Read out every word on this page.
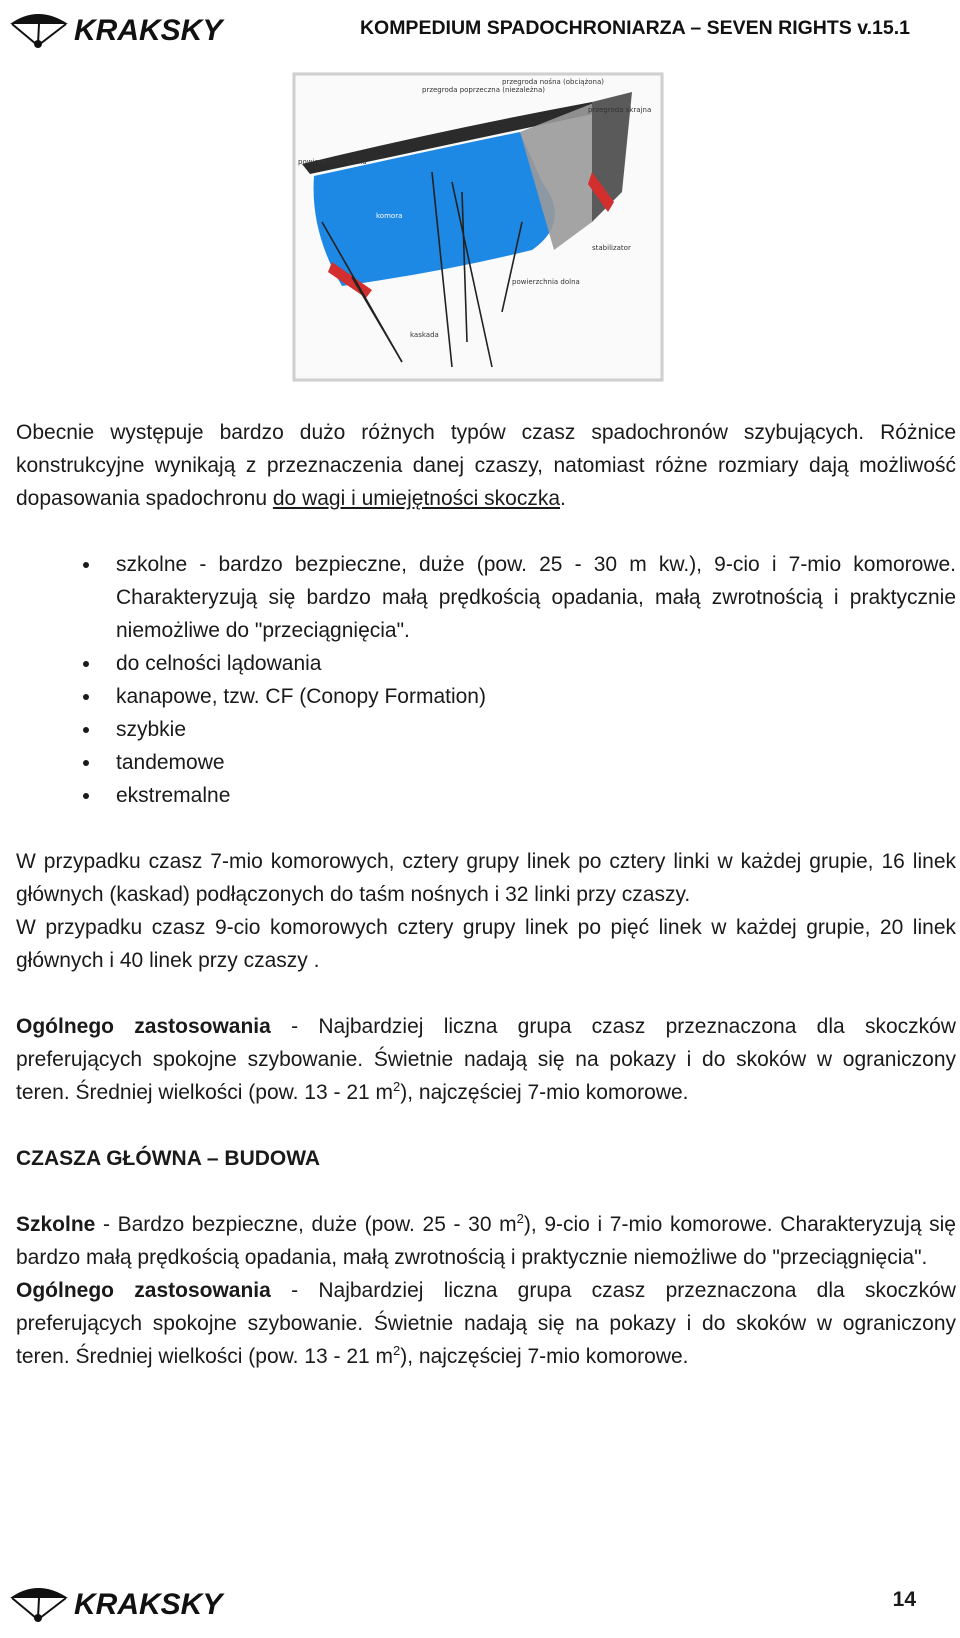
KRAKSKY	KOMPEDIUM SPADOCHRONIARZA – SEVEN RIGHTS v.15.1
przegroda poprzeczna (niezależna)
przegroda nośna (obciążona)
przegroda skrajna
powierzchnia górna
komora
stabilizator
powierzchnia dolna
kaskada

Obecnie występuje bardzo dużo różnych typów czasz spadochronów szybujących. Różnice konstrukcyjne wynikają z przeznaczenia danej czaszy, natomiast różne rozmiary dają możliwość dopasowania spadochronu do wagi i umiejętności skoczka.

szkolne - bardzo bezpieczne, duże (pow. 25 - 30 m kw.), 9-cio i 7-mio komorowe. Charakteryzują się bardzo małą prędkością opadania, małą zwrotnością i praktycznie niemożliwe do "przeciągnięcia".
do celności lądowania
kanapowe, tzw. CF (Conopy Formation)
szybkie
tandemowe
ekstremalne

W przypadku czasz 7-mio komorowych, cztery grupy linek po cztery linki w każdej grupie, 16 linek głównych (kaskad) podłączonych do taśm nośnych i 32 linki przy czaszy.

W przypadku czasz 9-cio komorowych cztery grupy linek po pięć linek w każdej grupie, 20 linek głównych i 40 linek przy czaszy .

Ogólnego zastosowania - Najbardziej liczna grupa czasz przeznaczona dla skoczków preferujących spokojne szybowanie. Świetnie nadają się na pokazy i do skoków w ograniczony teren. Średniej wielkości (pow. 13 - 21 $m^2$), najczęściej 7-mio komorowe.

CZASZA GŁÓWNA – BUDOWA

Szkolne - Bardzo bezpieczne, duże (pow. 25 - 30 $m^2$), 9-cio i 7-mio komorowe. Charakteryzują się bardzo małą prędkością opadania, małą zwrotnością i praktycznie niemożliwe do "przeciągnięcia".

Ogólnego zastosowania - Najbardziej liczna grupa czasz przeznaczona dla skoczków preferujących spokojne szybowanie. Świetnie nadają się na pokazy i do skoków w ograniczony teren. Średniej wielkości (pow. 13 - 21 $m^2$), najczęściej 7-mio komorowe.

KRAKSKY	14
